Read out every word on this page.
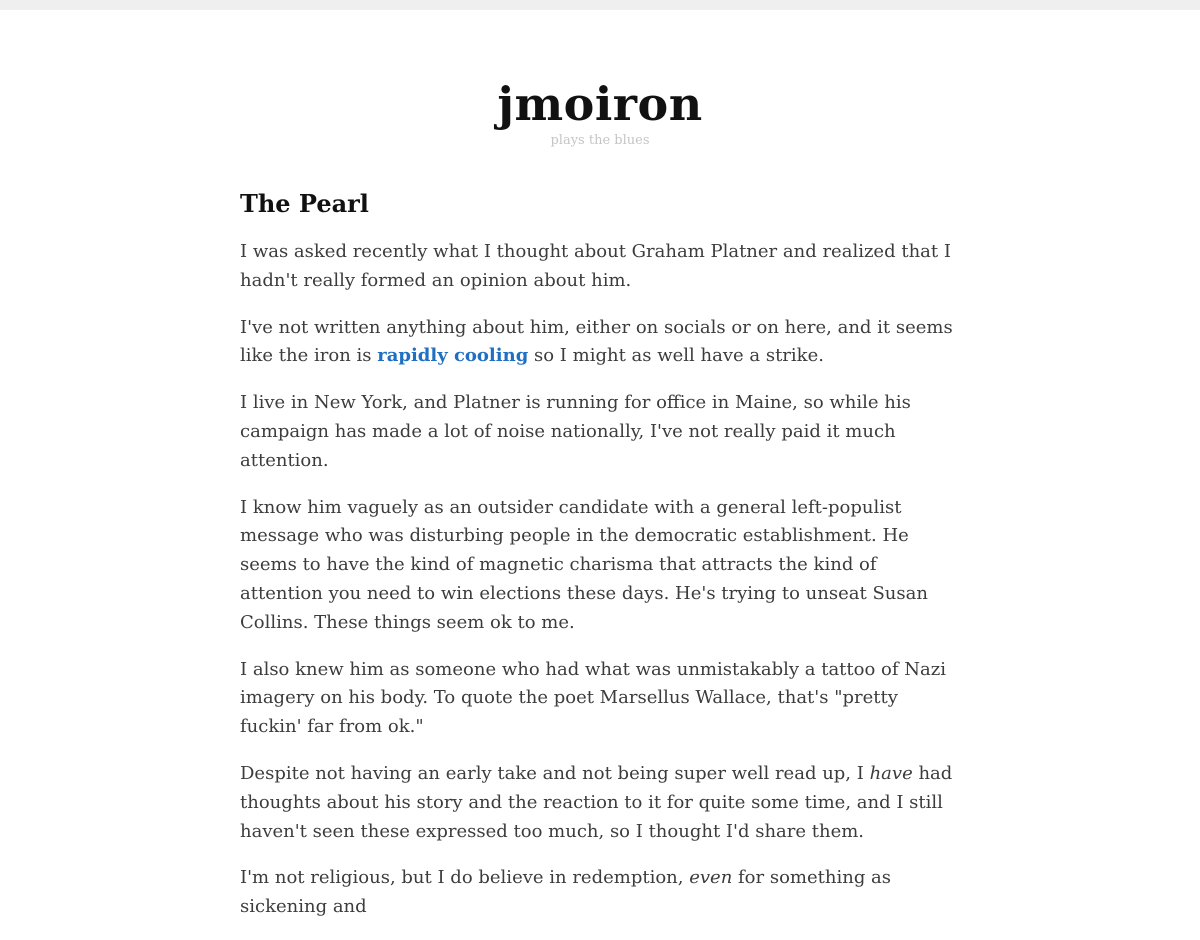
jmoiron
plays the blues
The Pearl

I was asked recently what I thought about Graham Platner and realized that I hadn't really formed an opinion about him.

I've not written anything about him, either on socials or on here, and it seems like the iron is rapidly cooling so I might as well have a strike.

I live in New York, and Platner is running for office in Maine, so while his campaign has made a lot of noise nationally, I've not really paid it much attention.

I know him vaguely as an outsider candidate with a general left-populist message who was disturbing people in the democratic establishment. He seems to have the kind of magnetic charisma that attracts the kind of attention you need to win elections these days. He's trying to unseat Susan Collins. These things seem ok to me.

I also knew him as someone who had what was unmistakably a tattoo of Nazi imagery on his body. To quote the poet Marsellus Wallace, that's "pretty fuckin' far from ok."

Despite not having an early take and not being super well read up, I have had thoughts about his story and the reaction to it for quite some time, and I still haven't seen these expressed too much, so I thought I'd share them.

I'm not religious, but I do believe in redemption, even for something as sickening and
